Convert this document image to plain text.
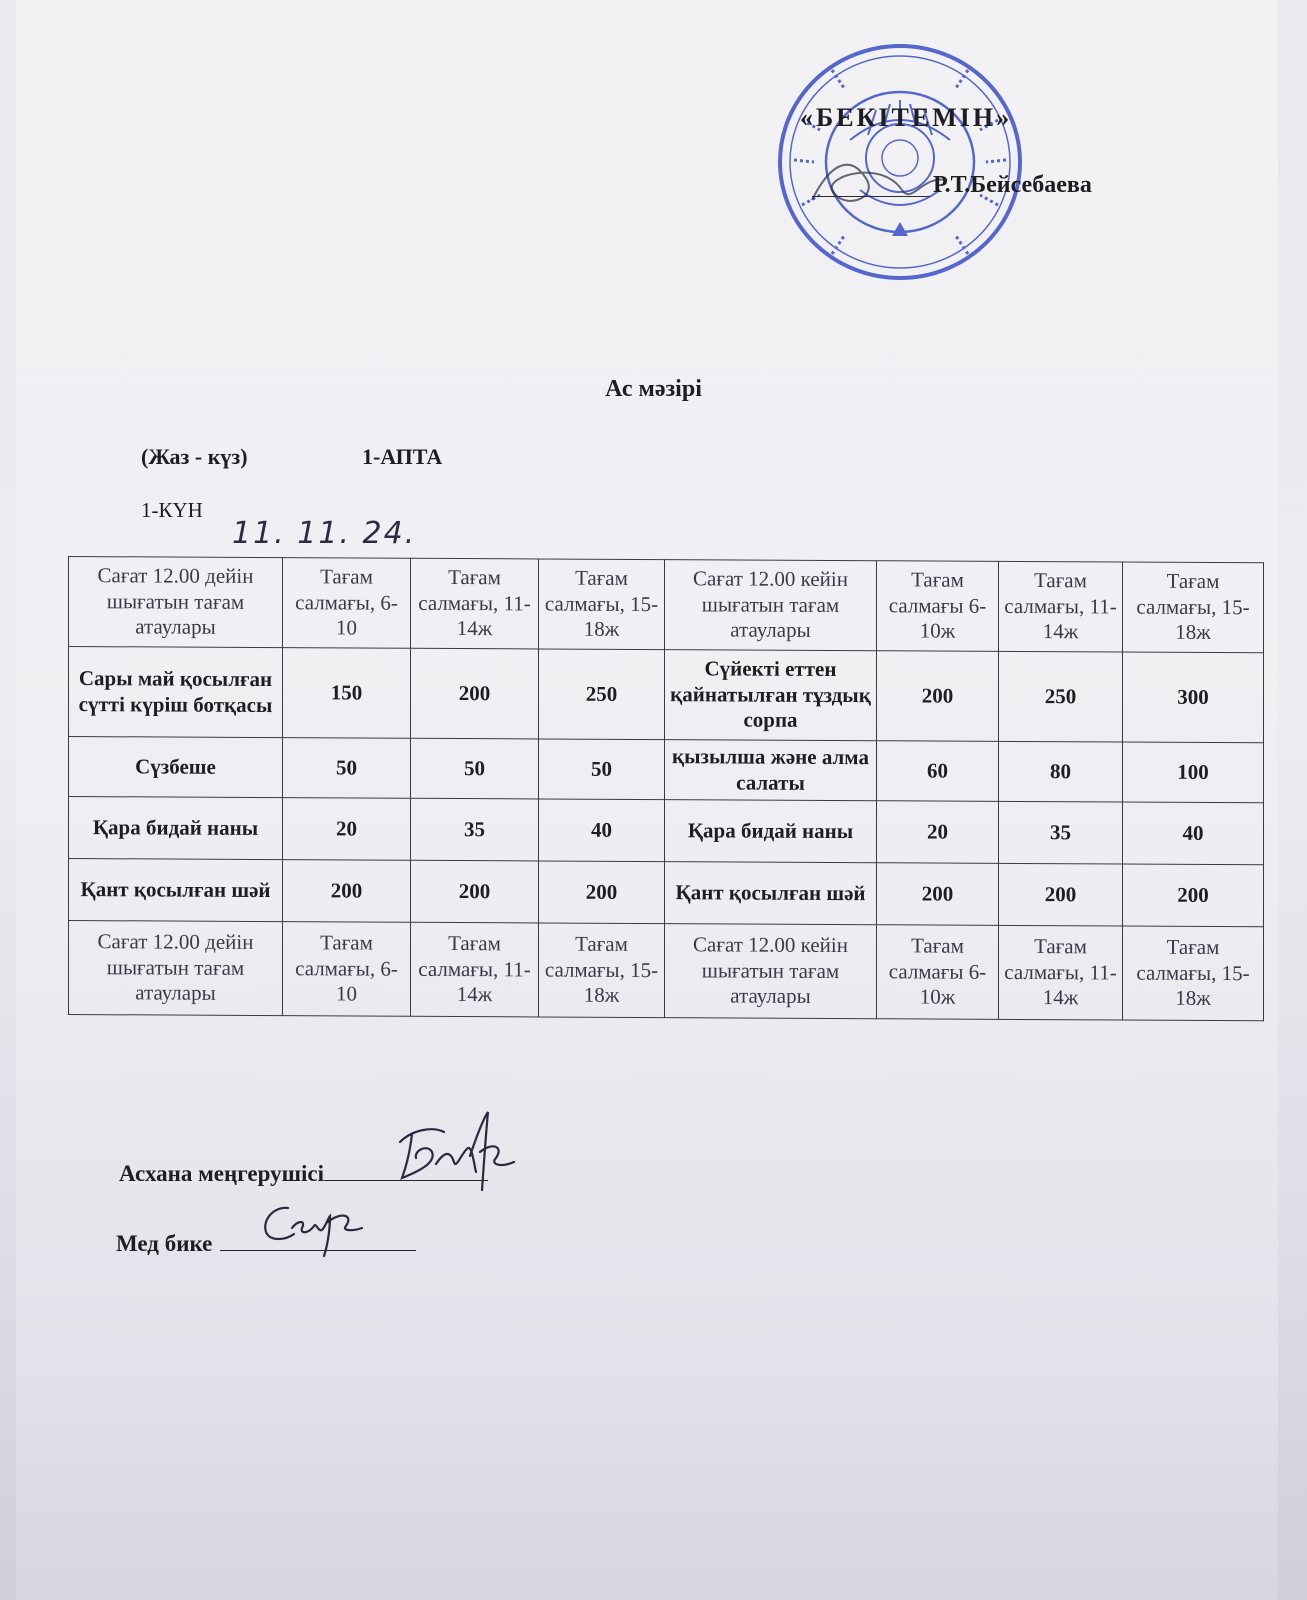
«БЕКІТЕМІН»
Р.Т.Бейсебаева
Ас мәзірі
(Жаз - күз)	1-АПТА
1-КҮН
11. 11. 24.
Сағат 12.00 дейін шығатын тағам атаулары	Тағам салмағы, 6-10	Тағам салмағы, 11-14ж	Тағам салмағы, 15-18ж	Сағат 12.00 кейін шығатын тағам атаулары	Тағам салмағы 6-10ж	Тағам салмағы, 11-14ж	Тағам салмағы, 15-18ж
Сары май қосылған сүтті күріш ботқасы	150	200	250	Сүйекті еттен қайнатылған тұздық сорпа	200	250	300
Сүзбеше	50	50	50	қызылша және алма салаты	60	80	100
Қара бидай наны	20	35	40	Қара бидай наны	20	35	40
Қант қосылған шәй	200	200	200	Қант қосылған шәй	200	200	200
Сағат 12.00 дейін шығатын тағам атаулары	Тағам салмағы, 6-10	Тағам салмағы, 11-14ж	Тағам салмағы, 15-18ж	Сағат 12.00 кейін шығатын тағам атаулары	Тағам салмағы 6-10ж	Тағам салмағы, 11-14ж	Тағам салмағы, 15-18ж
Асхана меңгерушісі
Мед бике
